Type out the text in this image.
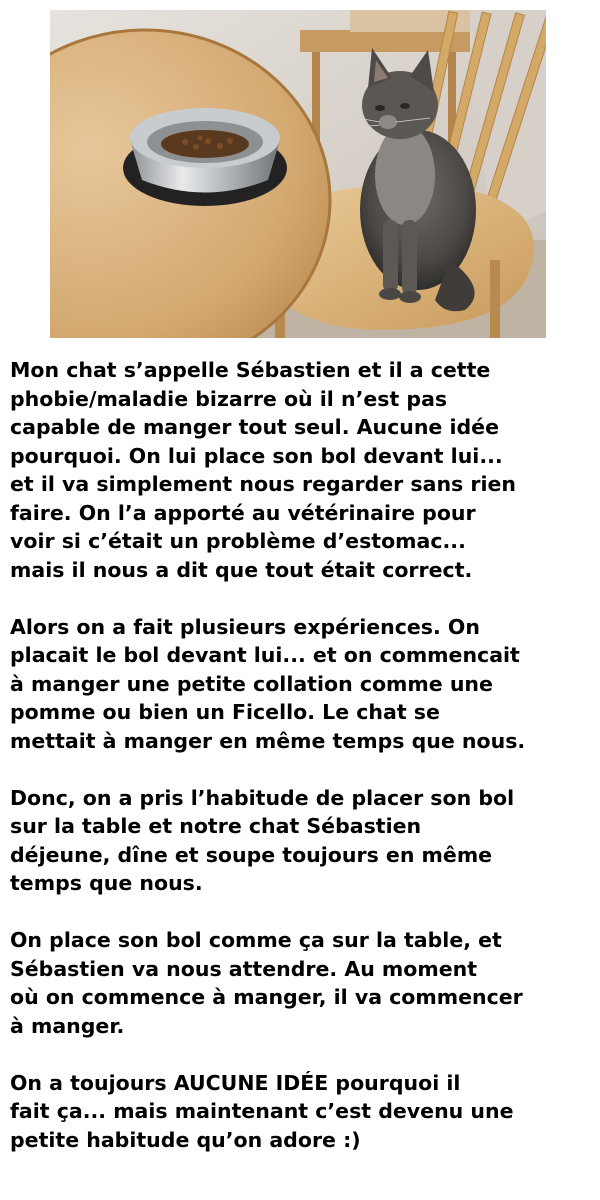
Mon chat s’appelle Sébastien et il a cette
phobie/maladie bizarre où il n’est pas
capable de manger tout seul. Aucune idée
pourquoi. On lui place son bol devant lui...
et il va simplement nous regarder sans rien
faire. On l’a apporté au vétérinaire pour
voir si c’était un problème d’estomac...
mais il nous a dit que tout était correct.

Alors on a fait plusieurs expériences. On
placait le bol devant lui... et on commencait
à manger une petite collation comme une
pomme ou bien un Ficello. Le chat se
mettait à manger en même temps que nous.

Donc, on a pris l’habitude de placer son bol
sur la table et notre chat Sébastien
déjeune, dîne et soupe toujours en même
temps que nous.

On place son bol comme ça sur la table, et
Sébastien va nous attendre. Au moment
où on commence à manger, il va commencer
à manger.

On a toujours AUCUNE IDÉE pourquoi il
fait ça... mais maintenant c’est devenu une
petite habitude qu’on adore :)
